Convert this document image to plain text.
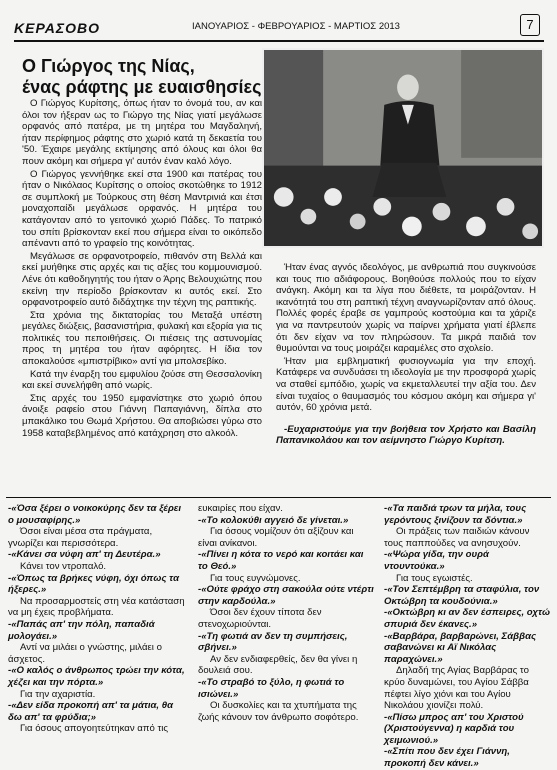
ΚΕΡΑΣΟΒΟ	ΙΑΝΟΥΑΡΙΟΣ - ΦΕΒΡΟΥΑΡΙΟΣ - ΜΑΡΤΙΟΣ 2013	7
Ο Γιώργος της Νίας,
ένας ράφτης με ευαισθησίες

Ο Γιώργος Κυρίτσης, όπως ήταν το όνομά του, αν και όλοι τον ήξεραν ως το Γιώργο της Νίας γιατί μεγάλωσε ορφανός από πατέρα, με τη μητέρα του Μαγδαληνή, ήταν περίφημος ράφτης στο χωριό κατά τη δεκαετία του '50. Έχαιρε μεγάλης εκτίμησης από όλους και όλοι θα πουν ακόμη και σήμερα γι' αυτόν έναν καλό λόγο.

Ο Γιώργος γεννήθηκε εκεί στα 1900 και πατέρας του ήταν ο Νικόλαος Κυρίτσης ο οποίος σκοτώθηκε το 1912 σε συμπλοκή με Τούρκους στη θέση Μαντρινιά και έτσι μοναχοπαίδι μεγάλωσε ορφανός. Η μητέρα του κατάγονταν από το γειτονικό χωριό Πάδες. Το πατρικό του σπίτι βρίσκονταν εκεί που σήμερα είναι το οικόπεδο απέναντι από το γραφείο της κοινότητας.

Μεγάλωσε σε ορφανοτροφείο, πιθανόν στη Βελλά και εκεί μυήθηκε στις αρχές και τις αξίες του κομμουνισμού. Λένε ότι καθοδηγητής του ήταν ο Άρης Βελουχιώτης που εκείνη την περίοδο βρίσκονταν κι αυτός εκεί. Στο ορφανοτροφείο αυτό διδάχτηκε την τέχνη της ραπτικής.

Στα χρόνια της δικτατορίας του Μεταξά υπέστη μεγάλες διώξεις, βασανιστήρια, φυλακή και εξορία για τις πολιτικές του πεποιθήσεις. Οι πιέσεις της αστυνομίας προς τη μητέρα του ήταν αφόρητες. Η ίδια τον αποκαλούσε «μπιστρίβικο» αντί για μπολσεβίκο.

Κατά την έναρξη του εμφυλίου ζούσε στη Θεσσαλονίκη και εκεί συνελήφθη από νωρίς.

Στις αρχές του 1950 εμφανίστηκε στο χωριό όπου άνοιξε ραφείο στου Γιάννη Παπαγιάννη, δίπλα στο μπακάλικο του Θωμά Χρήστου. Θα αποβιώσει γύρω στο 1958 καταβεβλημένος από κατάχρηση στο αλκοόλ.

Ήταν ένας αγνός ιδεολόγος, με ανθρωπιά που συγκινούσε και τους πιο αδιάφορους. Βοηθούσε πολλούς που το είχαν ανάγκη. Ακόμη και τα λίγα που διέθετε, τα μοιράζονταν. Η ικανότητά του στη ραπτική τέχνη αναγνωρίζονταν από όλους. Πολλές φορές έραβε σε γαμπρούς κοστούμια και τα χάριζε για να παντρευτούν χωρίς να παίρνει χρήματα γιατί έβλεπε ότι δεν είχαν να τον πληρώσουν. Τα μικρά παιδιά τον θυμούνται να τους μοιράζει καραμέλες στο σχολείο.

Ήταν μια εμβληματική φυσιογνωμία για την εποχή. Κατάφερε να συνδυάσει τη ιδεολογία με την προσφορά χωρίς να σταθεί εμπόδιο, χωρίς να εκμεταλλευτεί την αξία του. Δεν είναι τυχαίος ο θαυμασμός του κόσμου ακόμη και σήμερα γι' αυτόν, 60 χρόνια μετά.

-Ευχαριστούμε για την βοήθεια τον Χρήστο και Βασίλη Παπανικολάου και τον αείμνηστο Γιώργο Κυρίτση.

-«Όσα ξέρει ο νοικοκύρης δεν τα ξέρει ο μουσαφίρης.»
Όσοι είναι μέσα στα πράγματα, γνωρίζει και περισσότερα.
-«Κάνει σα νύφη απ' τη Δευτέρα.»
Κάνει τον ντροπαλό.
-«Όπως τα βρήκες νύφη, όχι όπως τα ήξερες.»
Να προσαρμοστείς στη νέα κατάσταση να μη έχεις προβλήματα.
-«Παπάς απ' την πόλη, παπαδιά μολογάει.»
Αντί να μιλάει ο γνώστης, μιλάει ο άσχετος.
-«Ο καλός ο άνθρωπος τρώει την κότα, χέζει και την πόρτα.»
Για την αχαριστία.
-«Δεν είδα προκοπή απ' τα μάτια, θα δω απ' τα φρύδια;»
Για όσους απογοητεύτηκαν από τις
ευκαιρίες που είχαν.
-«Το κολοκύθι αγγειό δε γίνεται.»
Για όσους νομίζουν ότι αξίζουν και είναι ανίκανοι.
-«Πίνει η κότα το νερό και κοιτάει και το Θεό.»
Για τους ευγνώμονες.
-«Ούτε φράχο στη σακούλα ούτε ντέρτι στην καρδούλα.»
Όσοι δεν έχουν τίποτα δεν στενοχωριούνται.
-«Τη φωτιά αν δεν τη συμπήσεις, σβήνει.»
Αν δεν ενδιαφερθείς, δεν θα γίνει η δουλειά σου.
-«Το στραβό το ξύλο, η φωτιά το ισιώνει.»
Οι δυσκολίες και τα χτυπήματα της ζωής κάνουν τον άνθρωπο σοφότερο.
-«Τα παιδιά τρων τα μήλα, τους γερόντους ξινίζουν τα δόντια.»
Οι πράξεις των παιδιών κάνουν τους παππούδες να ανησυχούν.
-«Ψώρα γίδα, την ουρά ντουντούκα.»
Για τους εγωιστές.
-«Τον Σεπτέμβρη τα σταφύλια, τον Οκτώβρη τα κουδούνια.»
-«Οκτώβρη κι αν δεν έσπειρες, οχτώ σπυριά δεν έκανες.»
-«Βαρβάρα, βαρβαρώνει, Σάββας σαβανώνει κι Αϊ Νικόλας παραχώνει.»
Δηλαδή της Αγίας Βαρβάρας το κρύο δυναμώνει, του Αγίου Σάββα πέφτει λίγο χιόνι και του Αγίου Νικολάου χιονίζει πολύ.
-«Πίσω μπρος απ' του Χριστού (Χριστούγεννα) η καρδιά του χειμωνιού.»
-«Σπίτι που δεν έχει Γιάννη, προκοπή δεν κάνει.»
